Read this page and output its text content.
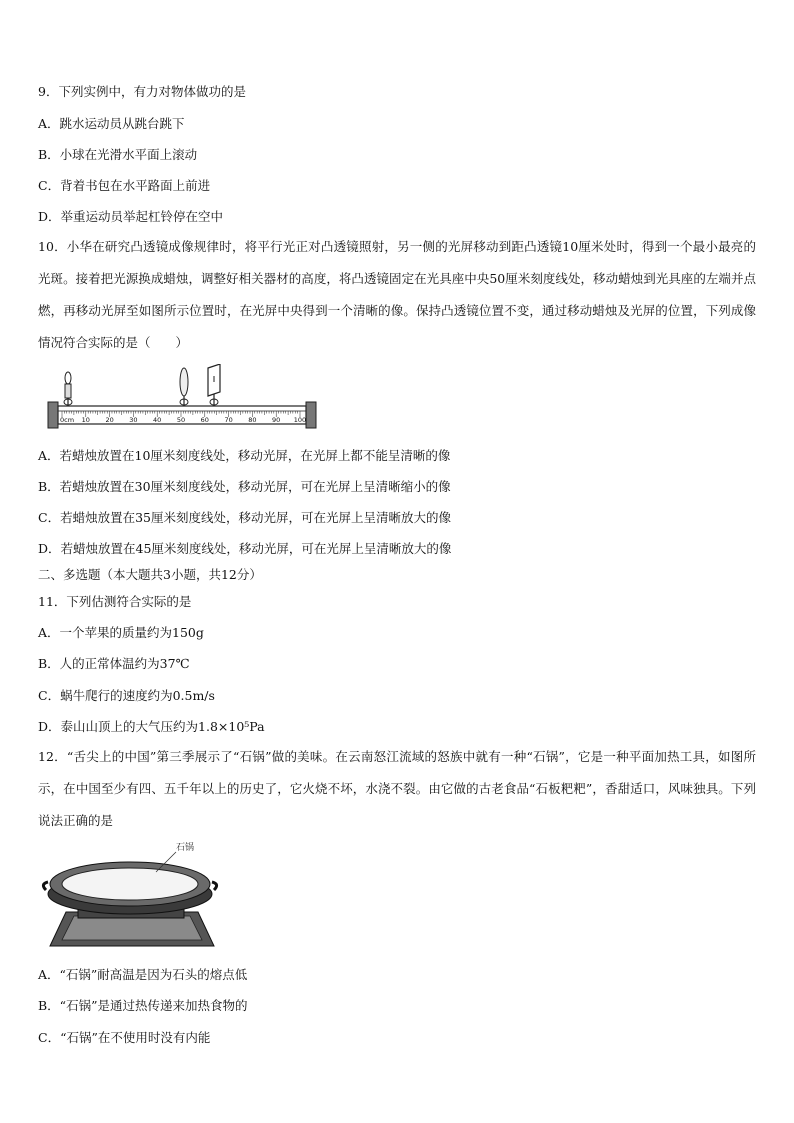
9．下列实例中，有力对物体做功的是
A．跳水运动员从跳台跳下
B．小球在光滑水平面上滚动
C．背着书包在水平路面上前进
D．举重运动员举起杠铃停在空中
10．小华在研究凸透镜成像规律时，将平行光正对凸透镜照射，另一侧的光屏移动到距凸透镜10厘米处时，得到一个最小最亮的光斑。接着把光源换成蜡烛，调整好相关器材的高度，将凸透镜固定在光具座中央50厘米刻度线处，移动蜡烛到光具座的左端并点燃，再移动光屏至如图所示位置时，在光屏中央得到一个清晰的像。保持凸透镜位置不变，通过移动蜡烛及光屏的位置，下列成像情况符合实际的是（　　）
0cm 10 20 30 40 50 60 70 80 90 100
A．若蜡烛放置在10厘米刻度线处，移动光屏，在光屏上都不能呈清晰的像
B．若蜡烛放置在30厘米刻度线处，移动光屏，可在光屏上呈清晰缩小的像
C．若蜡烛放置在35厘米刻度线处，移动光屏，可在光屏上呈清晰放大的像
D．若蜡烛放置在45厘米刻度线处，移动光屏，可在光屏上呈清晰放大的像
二、多选题（本大题共3小题，共12分）
11．下列估测符合实际的是
A．一个苹果的质量约为150g
B．人的正常体温约为37℃
C．蜗牛爬行的速度约为0.5m/s
D．泰山山顶上的大气压约为1.8×10⁵Pa
12．“舌尖上的中国”第三季展示了“石锅”做的美味。在云南怒江流域的怒族中就有一种“石锅”，它是一种平面加热工具，如图所示，在中国至少有四、五千年以上的历史了，它火烧不坏，水浇不裂。由它做的古老食品“石板粑粑”，香甜适口，风味独具。下列说法正确的是
石锅
A．“石锅”耐高温是因为石头的熔点低
B．“石锅”是通过热传递来加热食物的
C．“石锅”在不使用时没有内能
